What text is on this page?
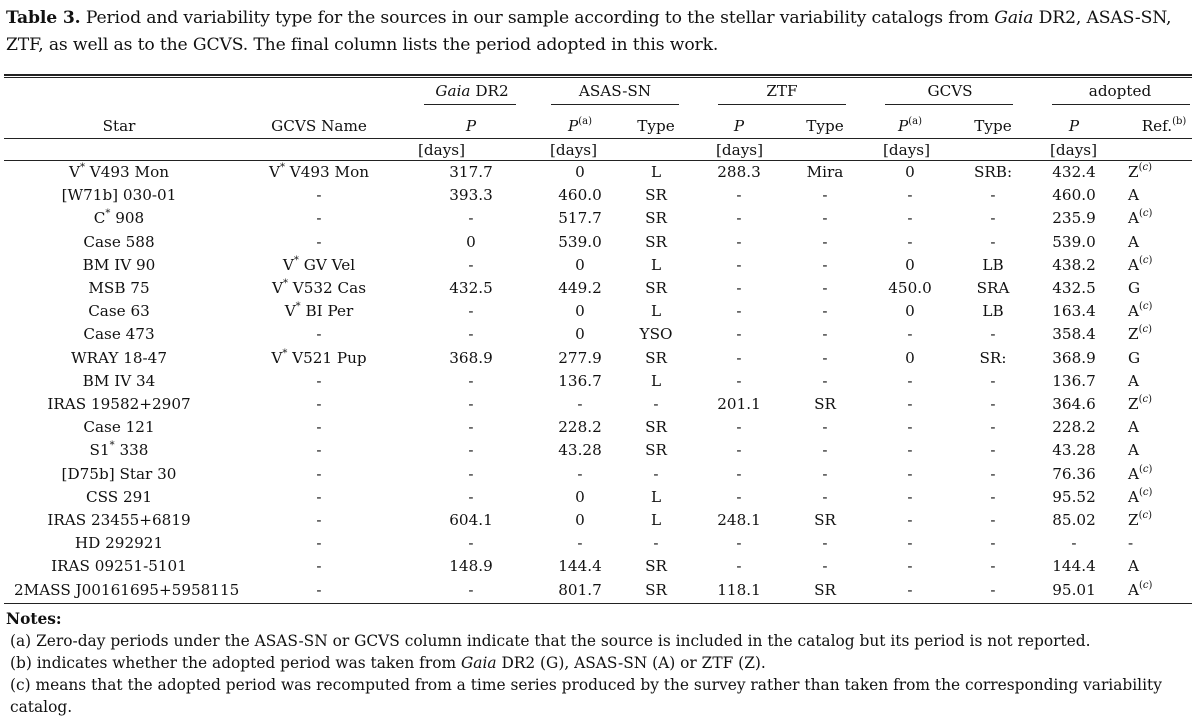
Table 3. Period and variability type for the sources in our sample according to the stellar variability catalogs from Gaia DR2, ASAS-SN, ZTF, as well as to the GCVS. The final column lists the period adopted in this work.
Gaia DR2	ASAS-SN	ZTF	GCVS	adopted
Star	GCVS Name	P	$P^{(a)}$	Type	P	Type	$P^{(a)}$	Type	P	Ref.$^{(b)}$
[days]	[days]	[days]	[days]	[days]
V* V493 Mon	V* V493 Mon	317.7	0	L	288.3	Mira	0	SRB:	432.4	$Z^{(c)}$
[W71b] 030-01	-	393.3	460.0	SR	-	-	-	-	460.0	A
C* 908	-	-	517.7	SR	-	-	-	-	235.9	$A^{(c)}$
Case 588	-	0	539.0	SR	-	-	-	-	539.0	A
BM IV 90	V* GV Vel	-	0	L	-	-	0	LB	438.2	$A^{(c)}$
MSB 75	V* V532 Cas	432.5	449.2	SR	-	-	450.0	SRA	432.5	G
Case 63	V* BI Per	-	0	L	-	-	0	LB	163.4	$A^{(c)}$
Case 473	-	-	0	YSO	-	-	-	-	358.4	$Z^{(c)}$
WRAY 18-47	V* V521 Pup	368.9	277.9	SR	-	-	0	SR:	368.9	G
BM IV 34	-	-	136.7	L	-	-	-	-	136.7	A
IRAS 19582+2907	-	-	-	-	201.1	SR	-	-	364.6	$Z^{(c)}$
Case 121	-	-	228.2	SR	-	-	-	-	228.2	A
S1* 338	-	-	43.28	SR	-	-	-	-	43.28	A
[D75b] Star 30	-	-	-	-	-	-	-	-	76.36	$A^{(c)}$
CSS 291	-	-	0	L	-	-	-	-	95.52	$A^{(c)}$
IRAS 23455+6819	-	604.1	0	L	248.1	SR	-	-	85.02	$Z^{(c)}$
HD 292921	-	-	-	-	-	-	-	-	-	-
IRAS 09251-5101	-	148.9	144.4	SR	-	-	-	-	144.4	A
2MASS J00161695+5958115	-	-	801.7	SR	118.1	SR	-	-	95.01	$A^{(c)}$
Notes:

(a) Zero-day periods under the ASAS-SN or GCVS column indicate that the source is included in the catalog but its period is not reported.

(b) indicates whether the adopted period was taken from Gaia DR2 (G), ASAS-SN (A) or ZTF (Z).

(c) means that the adopted period was recomputed from a time series produced by the survey rather than taken from the corresponding variability catalog.
